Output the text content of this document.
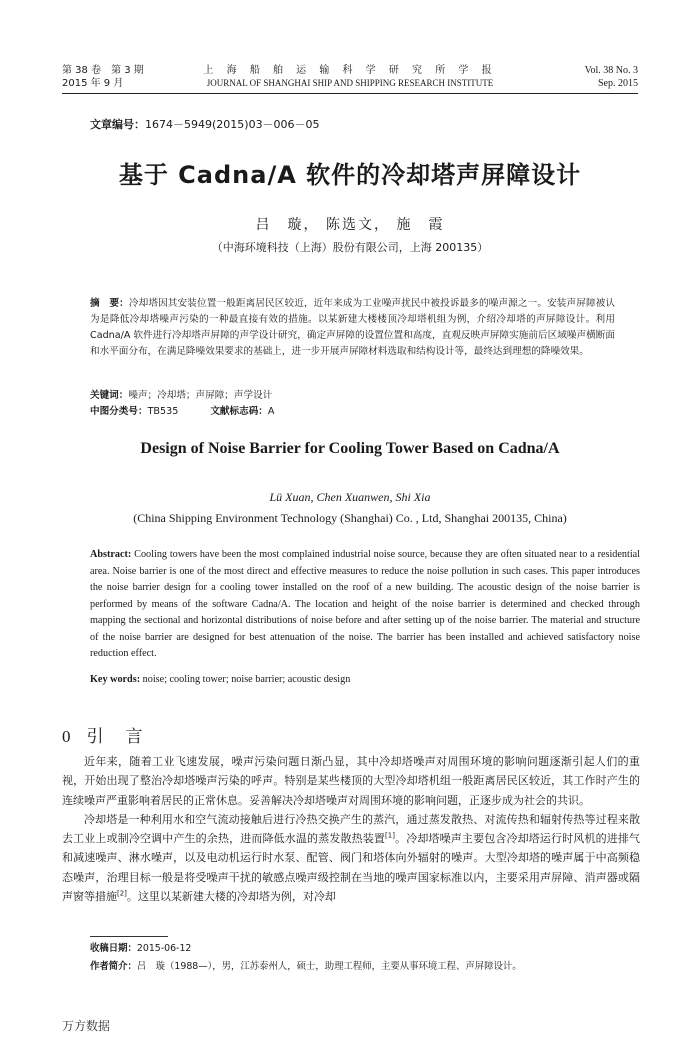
第 38 卷　第 3 期
2015 年 9 月
上 海 船 舶 运 输 科 学 研 究 所 学 报
JOURNAL OF SHANGHAI SHIP AND SHIPPING RESEARCH INSTITUTE
Vol. 38 No. 3
Sep. 2015
文章编号：1674－5949(2015)03－006－05
基于 Cadna/A 软件的冷却塔声屏障设计
吕　璇， 陈选文， 施　霞
（中海环境科技（上海）股份有限公司，上海 200135）
摘　要：冷却塔因其安装位置一般距离居民区较近，近年来成为工业噪声扰民中被投诉最多的噪声源之一。安装声屏障被认为是降低冷却塔噪声污染的一种最直接有效的措施。以某新建大楼楼顶冷却塔机组为例，介绍冷却塔的声屏障设计。利用 Cadna/A 软件进行冷却塔声屏障的声学设计研究，确定声屏障的设置位置和高度，直观反映声屏障实施前后区域噪声横断面和水平面分布，在满足降噪效果要求的基础上，进一步开展声屏障材料选取和结构设计等，最终达到理想的降噪效果。
关键词：噪声；冷却塔；声屏障；声学设计
中图分类号：TB535	文献标志码：A
Design of Noise Barrier for Cooling Tower Based on Cadna/A
Lü Xuan, Chen Xuanwen, Shi Xia
(China Shipping Environment Technology (Shanghai) Co. , Ltd, Shanghai 200135, China)
Abstract: Cooling towers have been the most complained industrial noise source, because they are often situated near to a residential area. Noise barrier is one of the most direct and effective measures to reduce the noise pollution in such cases. This paper introduces the noise barrier design for a cooling tower installed on the roof of a new building. The acoustic design of the noise barrier is performed by means of the software Cadna/A. The location and height of the noise barrier is determined and checked through mapping the sectional and horizontal distributions of noise before and after setting up of the noise barrier. The material and structure of the noise barrier are designed for best attenuation of the noise. The barrier has been installed and achieved satisfactory noise reduction effect.
Key words: noise; cooling tower; noise barrier; acoustic design
0 引言

近年来，随着工业飞速发展，噪声污染问题日渐凸显，其中冷却塔噪声对周围环境的影响问题逐渐引起人们的重视，开始出现了整治冷却塔噪声污染的呼声。特别是某些楼顶的大型冷却塔机组一般距离居民区较近，其工作时产生的连续噪声严重影响着居民的正常休息。妥善解决冷却塔噪声对周围环境的影响问题，正逐步成为社会的共识。

冷却塔是一种利用水和空气流动接触后进行冷热交换产生的蒸汽，通过蒸发散热、对流传热和辐射传热等过程来散去工业上或制冷空调中产生的余热，进而降低水温的蒸发散热装置[1]。冷却塔噪声主要包含冷却塔运行时风机的进排气和减速噪声、淋水噪声，以及电动机运行时水泵、配管、阀门和塔体向外辐射的噪声。大型冷却塔的噪声属于中高频稳态噪声，治理目标一般是将受噪声干扰的敏感点噪声级控制在当地的噪声国家标准以内，主要采用声屏障、消声器或隔声窗等措施[2]。这里以某新建大楼的冷却塔为例，对冷却

收稿日期：2015-06-12
作者简介：吕　璇（1988—），男，江苏泰州人，硕士，助理工程师，主要从事环境工程、声屏障设计。
万方数据
